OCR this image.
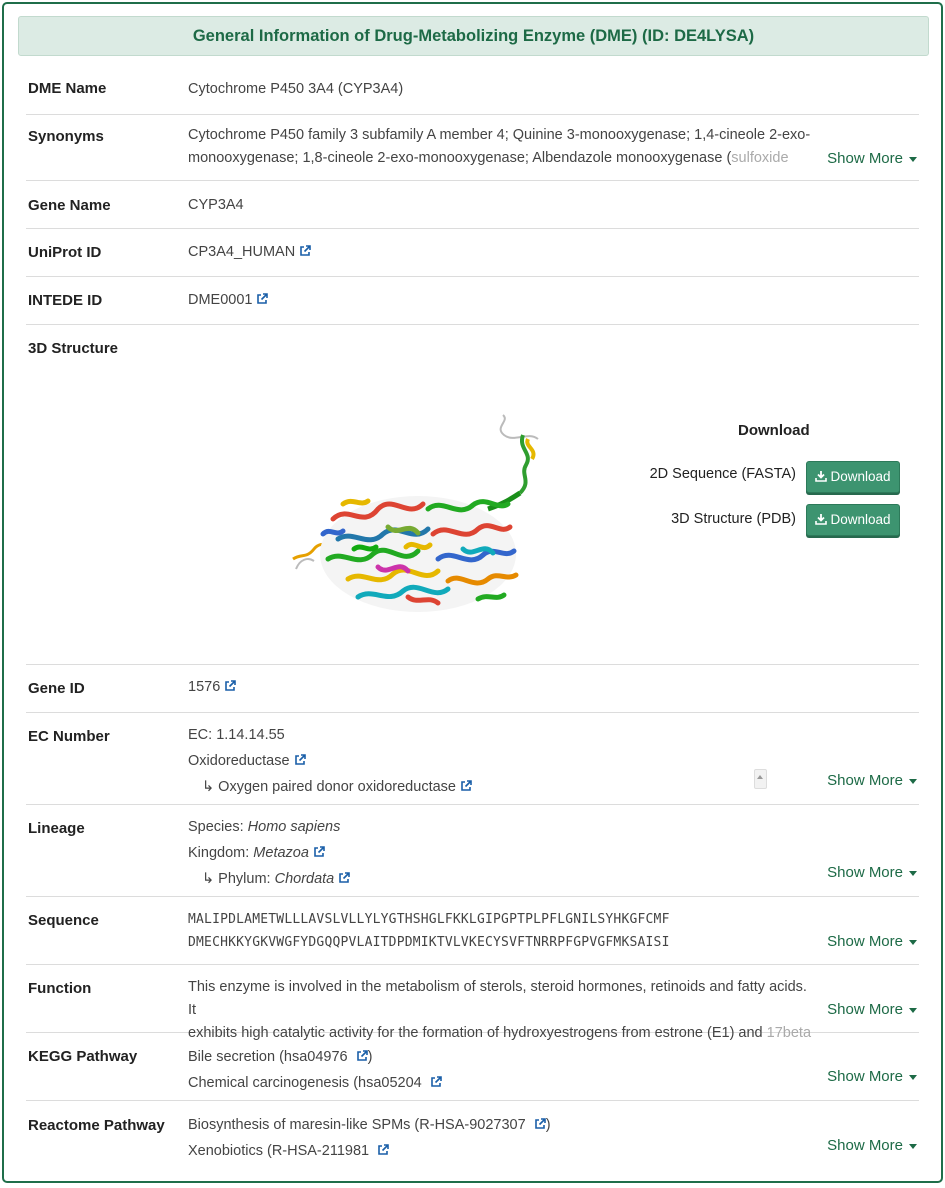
General Information of Drug-Metabolizing Enzyme (DME) (ID: DE4LYSA)
DME Name	Cytochrome P450 3A4 (CYP3A4)
Synonyms	Cytochrome P450 family 3 subfamily A member 4; Quinine 3-monooxygenase; 1,4-cineole 2-exo-
monooxygenase; 1,8-cineole 2-exo-monooxygenase; Albendazole monooxygenase (sulfoxide	Show More
Gene Name	CYP3A4
UniProt ID	CP3A4_HUMAN
INTEDE ID	DME0001
3D Structure
Download
2D Sequence (FASTA)	Download
3D Structure (PDB)	Download
Gene ID	1576
EC Number	EC: 1.14.14.55
Oxidoreductase
↳ Oxygen paired donor oxidoreductase	Show More
Lineage	Species: Homo sapiens
Kingdom: Metazoa
↳ Phylum: Chordata	Show More
Sequence	MALIPDLAMETWLLLAVSLVLLYLYGTHSHGLFKKLGIPGPTPLPFLGNILSYHKGFCMF
DMECHKKYGKVWGFYDGQQPVLAITDPDMIKTVLVKECYSVFTNRRPFGPVGFMKSAISI	Show More
Function	This enzyme is involved in the metabolism of sterols, steroid hormones, retinoids and fatty acids. It
exhibits high catalytic activity for the formation of hydroxyestrogens from estrone (E1) and 17beta
Show More
KEGG Pathway	Bile secretion (hsa04976 )
Chemical carcinogenesis (hsa05204	Show More
Reactome Pathway Biosynthesis of maresin-like SPMs (R-HSA-9027307 )
Xenobiotics (R-HSA-211981	Show More
